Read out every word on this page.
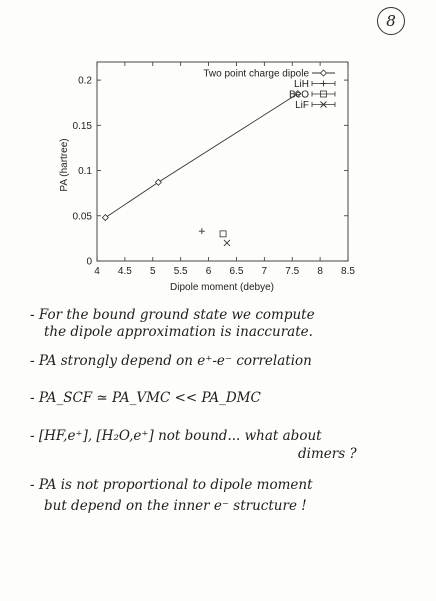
8
0
0.05
0.1
0.15
0.2
4 4.5 5 5.5 6 6.5 7 7.5 8 8.5
Two point charge dipole
LiH
BeO
LiF
Dipole moment (debye)
PA (hartree)
- For the bound ground state we compute
the dipole approximation is inaccurate.
- PA strongly depend on e⁺-e⁻ correlation
- PA_SCF ≃ PA_VMC << PA_DMC
- [HF,e⁺], [H₂O,e⁺] not bound... what about
dimers ?
- PA is not proportional to dipole moment
but depend on the inner e⁻ structure !
